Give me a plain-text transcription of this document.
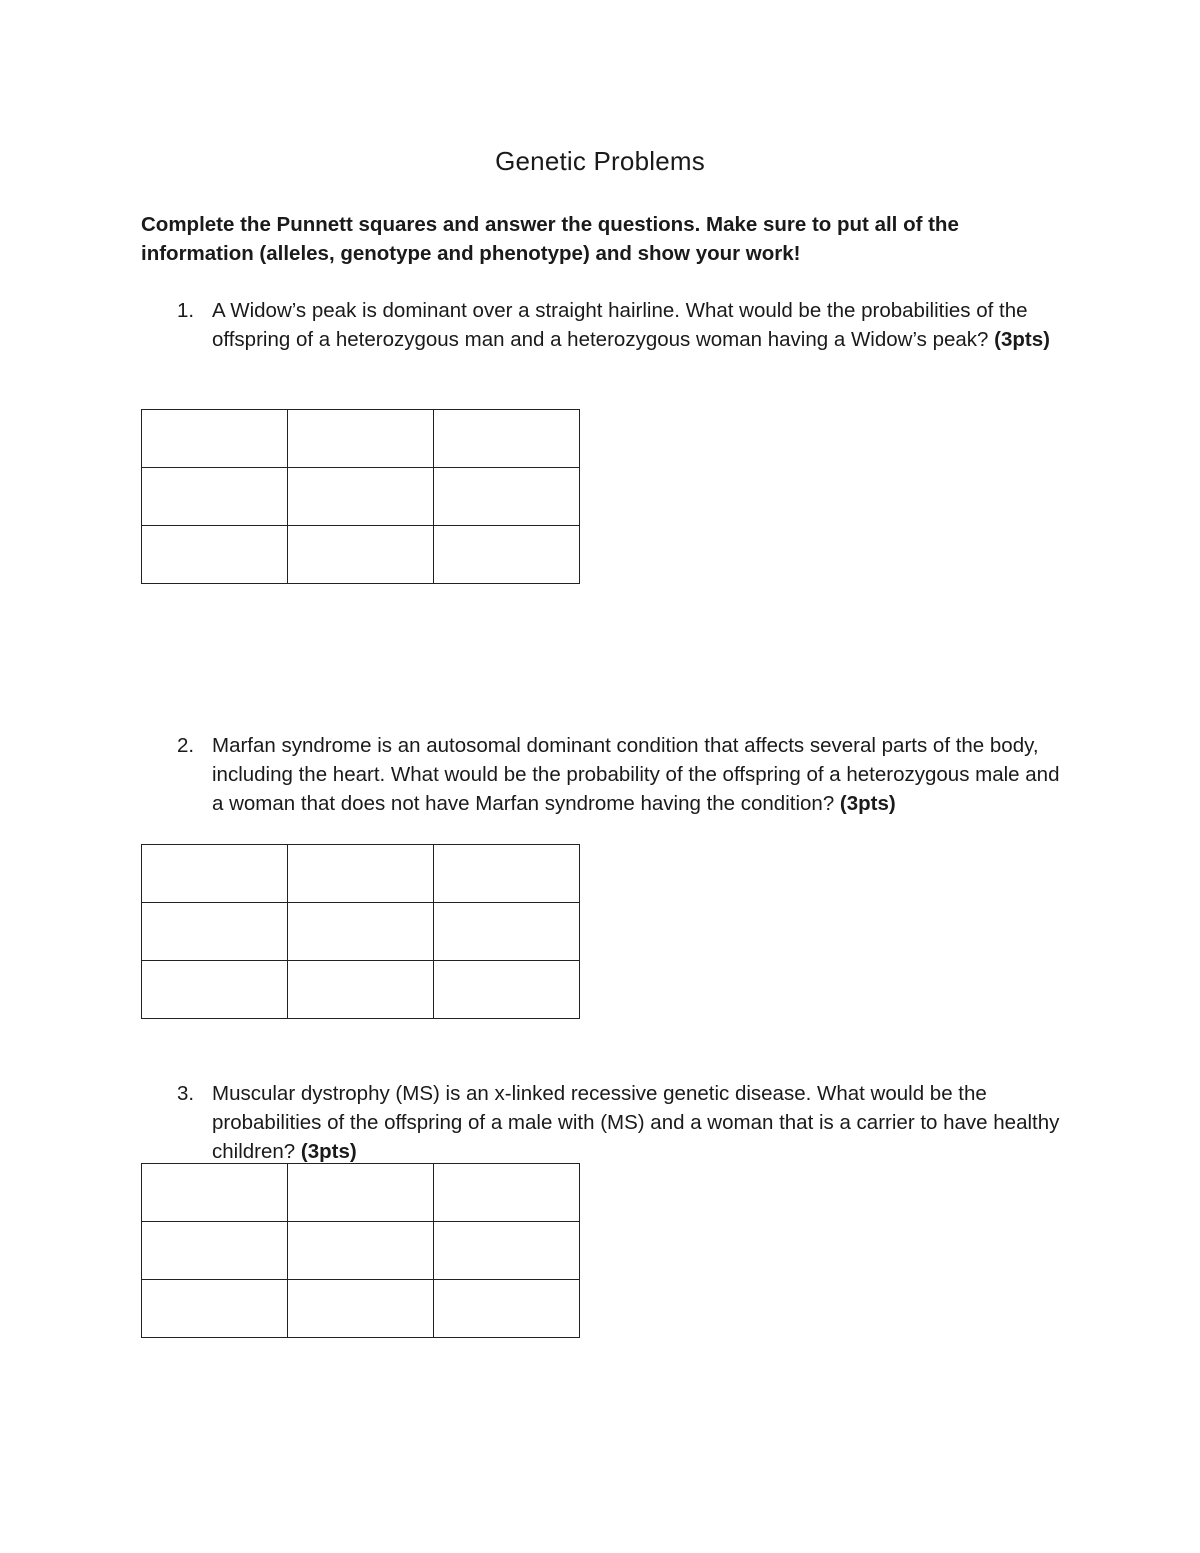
Genetic Problems
Complete the Punnett squares and answer the questions. Make sure to put all of the information (alleles, genotype and phenotype) and show your work!
1. A Widow’s peak is dominant over a straight hairline. What would be the probabilities of the offspring of a heterozygous man and a heterozygous woman having a Widow’s peak? (3pts)

2. Marfan syndrome is an autosomal dominant condition that affects several parts of the body, including the heart. What would be the probability of the offspring of a heterozygous male and a woman that does not have Marfan syndrome having the condition? (3pts)

3. Muscular dystrophy (MS) is an x-linked recessive genetic disease. What would be the probabilities of the offspring of a male with (MS) and a woman that is a carrier to have healthy children? (3pts)
